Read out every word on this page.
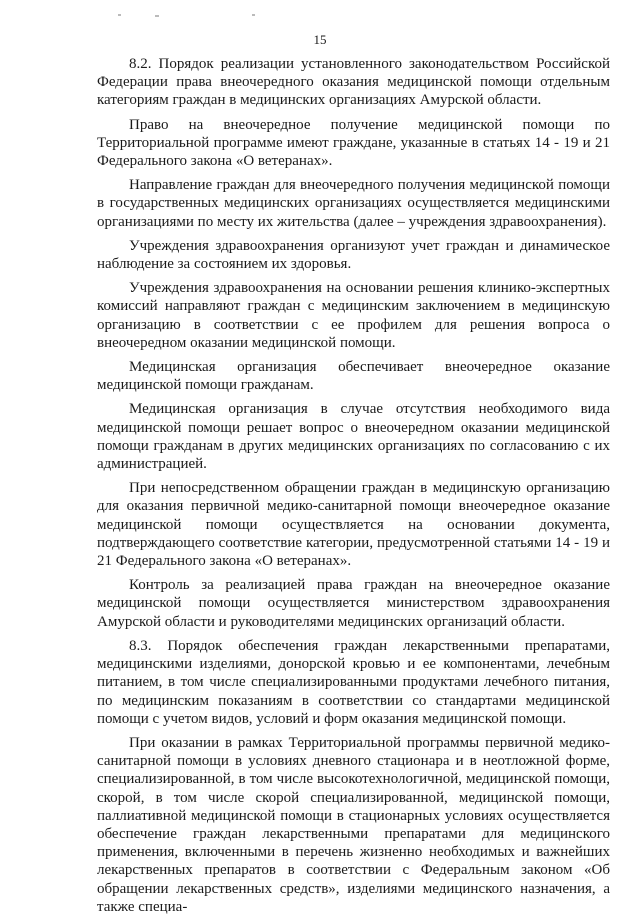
15

8.2. Порядок реализации установленного законодательством Российской Федерации права внеочередного оказания медицинской помощи отдельным категориям граждан в медицинских организациях Амурской области.

Право на внеочередное получение медицинской помощи по Территориальной программе имеют граждане, указанные в статьях 14 - 19 и 21 Федерального закона «О ветеранах».

Направление граждан для внеочередного получения медицинской помощи в государственных медицинских организациях осуществляется медицинскими организациями по месту их жительства (далее – учреждения здравоохранения).

Учреждения здравоохранения организуют учет граждан и динамическое наблюдение за состоянием их здоровья.

Учреждения здравоохранения на основании решения клинико-экспертных комиссий направляют граждан с медицинским заключением в медицинскую организацию в соответствии с ее профилем для решения вопроса о внеочередном оказании медицинской помощи.

Медицинская организация обеспечивает внеочередное оказание медицинской помощи гражданам.

Медицинская организация в случае отсутствия необходимого вида медицинской помощи решает вопрос о внеочередном оказании медицинской помощи гражданам в других медицинских организациях по согласованию с их администрацией.

При непосредственном обращении граждан в медицинскую организацию для оказания первичной медико-санитарной помощи внеочередное оказание медицинской помощи осуществляется на основании документа, подтверждающего соответствие категории, предусмотренной статьями 14 - 19 и 21 Федерального закона «О ветеранах».

Контроль за реализацией права граждан на внеочередное оказание медицинской помощи осуществляется министерством здравоохранения Амурской области и руководителями медицинских организаций области.

8.3. Порядок обеспечения граждан лекарственными препаратами, медицинскими изделиями, донорской кровью и ее компонентами, лечебным питанием, в том числе специализированными продуктами лечебного питания, по медицинским показаниям в соответствии со стандартами медицинской помощи с учетом видов, условий и форм оказания медицинской помощи.

При оказании в рамках Территориальной программы первичной медико-санитарной помощи в условиях дневного стационара и в неотложной форме, специализированной, в том числе высокотехнологичной, медицинской помощи, скорой, в том числе скорой специализированной, медицинской помощи, паллиативной медицинской помощи в стационарных условиях осуществляется обеспечение граждан лекарственными препаратами для медицинского применения, включенными в перечень жизненно необходимых и важнейших лекарственных препаратов в соответствии с Федеральным законом «Об обращении лекарственных средств», изделиями медицинского назначения, а также специа-
